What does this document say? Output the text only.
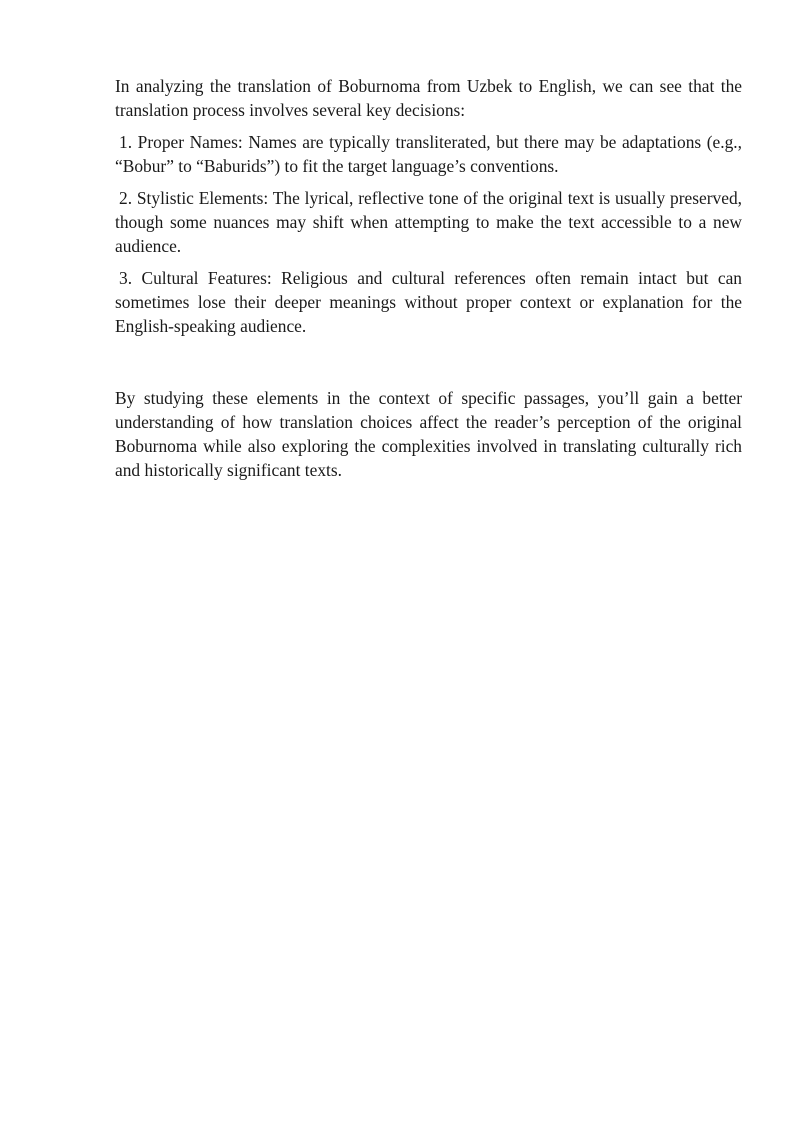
In analyzing the translation of Boburnoma from Uzbek to English, we can see that the translation process involves several key decisions:

1. Proper Names: Names are typically transliterated, but there may be adaptations (e.g., “Bobur” to “Baburids”) to fit the target language’s conventions.

2. Stylistic Elements: The lyrical, reflective tone of the original text is usually preserved, though some nuances may shift when attempting to make the text accessible to a new audience.

3. Cultural Features: Religious and cultural references often remain intact but can sometimes lose their deeper meanings without proper context or explanation for the English-speaking audience.

By studying these elements in the context of specific passages, you’ll gain a better understanding of how translation choices affect the reader’s perception of the original Boburnoma while also exploring the complexities involved in translating culturally rich and historically significant texts.
